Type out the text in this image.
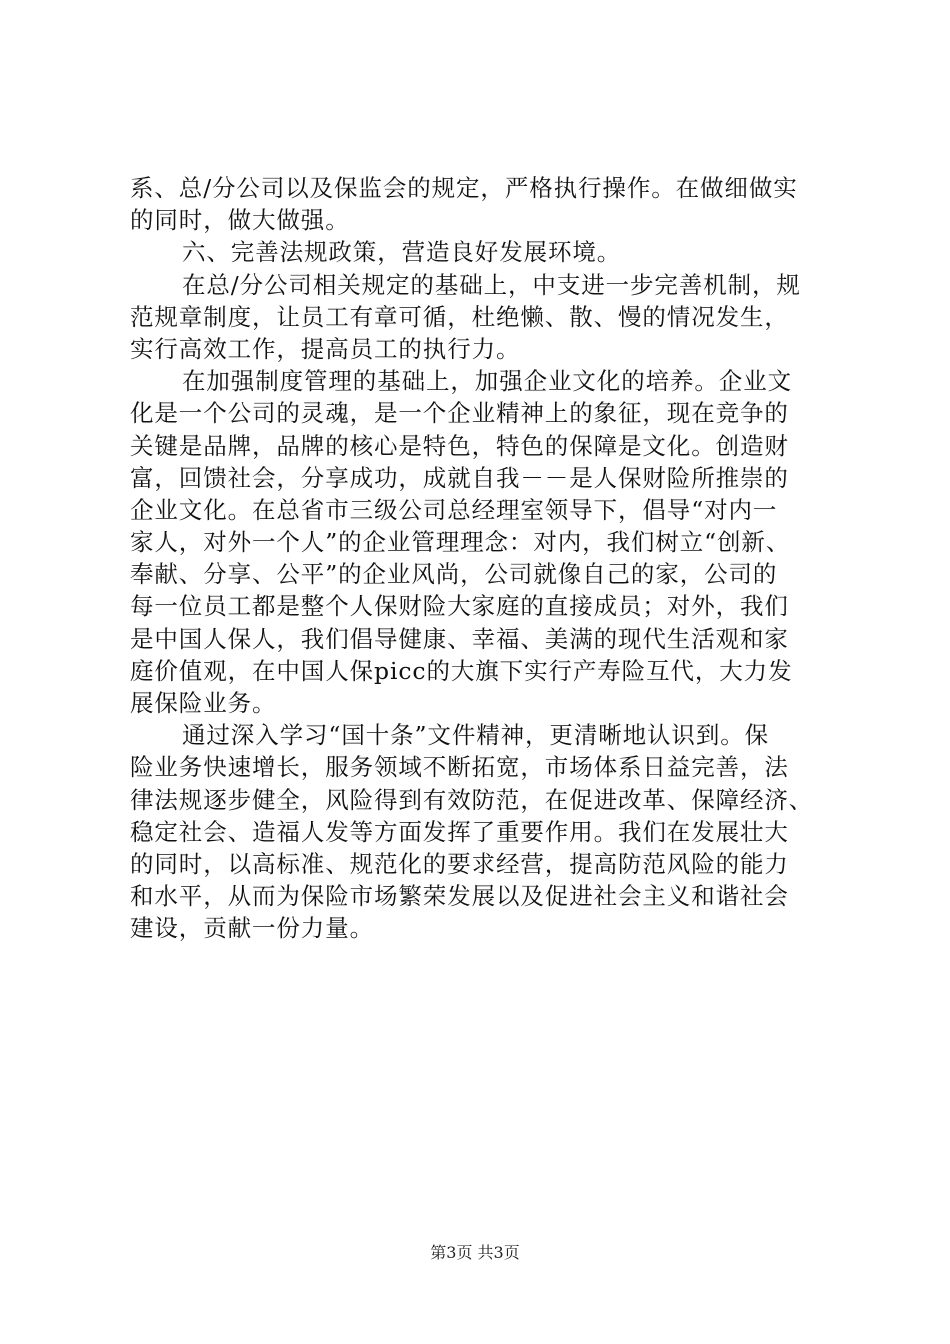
系、总/分公司以及保监会的规定，严格执行操作。在做细做实
的同时，做大做强。
六、完善法规政策，营造良好发展环境。
在总/分公司相关规定的基础上，中支进一步完善机制，规
范规章制度，让员工有章可循，杜绝懒、散、慢的情况发生，
实行高效工作，提高员工的执行力。
在加强制度管理的基础上，加强企业文化的培养。企业文
化是一个公司的灵魂，是一个企业精神上的象征，现在竞争的
关键是品牌，品牌的核心是特色，特色的保障是文化。创造财
富，回馈社会，分享成功，成就自我－－是人保财险所推崇的
企业文化。在总省市三级公司总经理室领导下，倡导“对内一
家人，对外一个人”的企业管理理念：对内，我们树立“创新、
奉献、分享、公平”的企业风尚，公司就像自己的家，公司的
每一位员工都是整个人保财险大家庭的直接成员；对外，我们
是中国人保人，我们倡导健康、幸福、美满的现代生活观和家
庭价值观，在中国人保picc的大旗下实行产寿险互代，大力发
展保险业务。
通过深入学习“国十条”文件精神，更清晰地认识到。保
险业务快速增长，服务领域不断拓宽，市场体系日益完善，法
律法规逐步健全，风险得到有效防范，在促进改革、保障经济、
稳定社会、造福人发等方面发挥了重要作用。我们在发展壮大
的同时，以高标准、规范化的要求经营，提高防范风险的能力
和水平，从而为保险市场繁荣发展以及促进社会主义和谐社会
建设，贡献一份力量。
第3页 共3页
